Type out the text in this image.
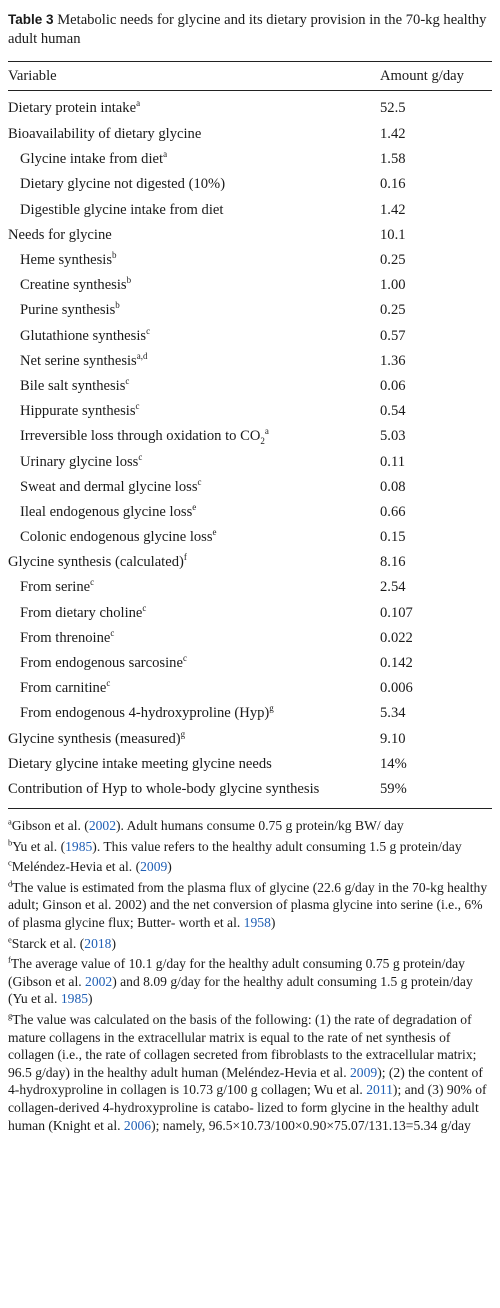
Table 3 Metabolic needs for glycine and its dietary provision in the 70-kg healthy adult human
Variable	Amount g/day
Dietary protein intake$^a$	52.5
Bioavailability of dietary glycine	1.42
Glycine intake from diet$^a$	1.58
Dietary glycine not digested (10%)	0.16
Digestible glycine intake from diet	1.42
Needs for glycine	10.1
Heme synthesis$^b$	0.25
Creatine synthesis$^b$	1.00
Purine synthesis$^b$	0.25
Glutathione synthesis$^c$	0.57
Net serine synthesis$^{a,d}$	1.36
Bile salt synthesis$^c$	0.06
Hippurate synthesis$^c$	0.54
Irreversible loss through oxidation to $CO_2^a$	5.03
Urinary glycine loss$^c$	0.11
Sweat and dermal glycine loss$^c$	0.08
Ileal endogenous glycine loss$^e$	0.66
Colonic endogenous glycine loss$^e$	0.15
Glycine synthesis (calculated)$^f$	8.16
From serine$^c$	2.54
From dietary choline$^c$	0.107
From threnoine$^c$	0.022
From endogenous sarcosine$^c$	0.142
From carnitine$^c$	0.006
From endogenous 4-hydroxyproline (Hyp)$^g$	5.34
Glycine synthesis (measured)$^g$	9.10
Dietary glycine intake meeting glycine needs	14%
Contribution of Hyp to whole-body glycine synthesis	59%
$^a$Gibson et al. (2002). Adult humans consume 0.75 g protein/kg BW/ day
$^b$Yu et al. (1985). This value refers to the healthy adult consuming 1.5 g protein/day
$^c$Meléndez-Hevia et al. (2009)
$^d$The value is estimated from the plasma flux of glycine (22.6 g/day in the 70-kg healthy adult; Ginson et al. 2002) and the net conversion of plasma glycine into serine (i.e., 6% of plasma glycine flux; Butter- worth et al. 1958)
$^e$Starck et al. (2018)
$^f$The average value of 10.1 g/day for the healthy adult consuming 0.75 g protein/day (Gibson et al. 2002) and 8.09 g/day for the healthy adult consuming 1.5 g protein/day (Yu et al. 1985)
$^g$The value was calculated on the basis of the following: (1) the rate of degradation of mature collagens in the extracellular matrix is equal to the rate of net synthesis of collagen (i.e., the rate of collagen secreted from fibroblasts to the extracellular matrix; 96.5 g/day) in the healthy adult human (Meléndez-Hevia et al. 2009); (2) the content of 4-hydroxyproline in collagen is 10.73 g/100 g collagen; Wu et al. 2011); and (3) 90% of collagen-derived 4-hydroxyproline is catabo- lized to form glycine in the healthy adult human (Knight et al. 2006); namely, 96.5×10.73/100×0.90×75.07/131.13=5.34 g/day
